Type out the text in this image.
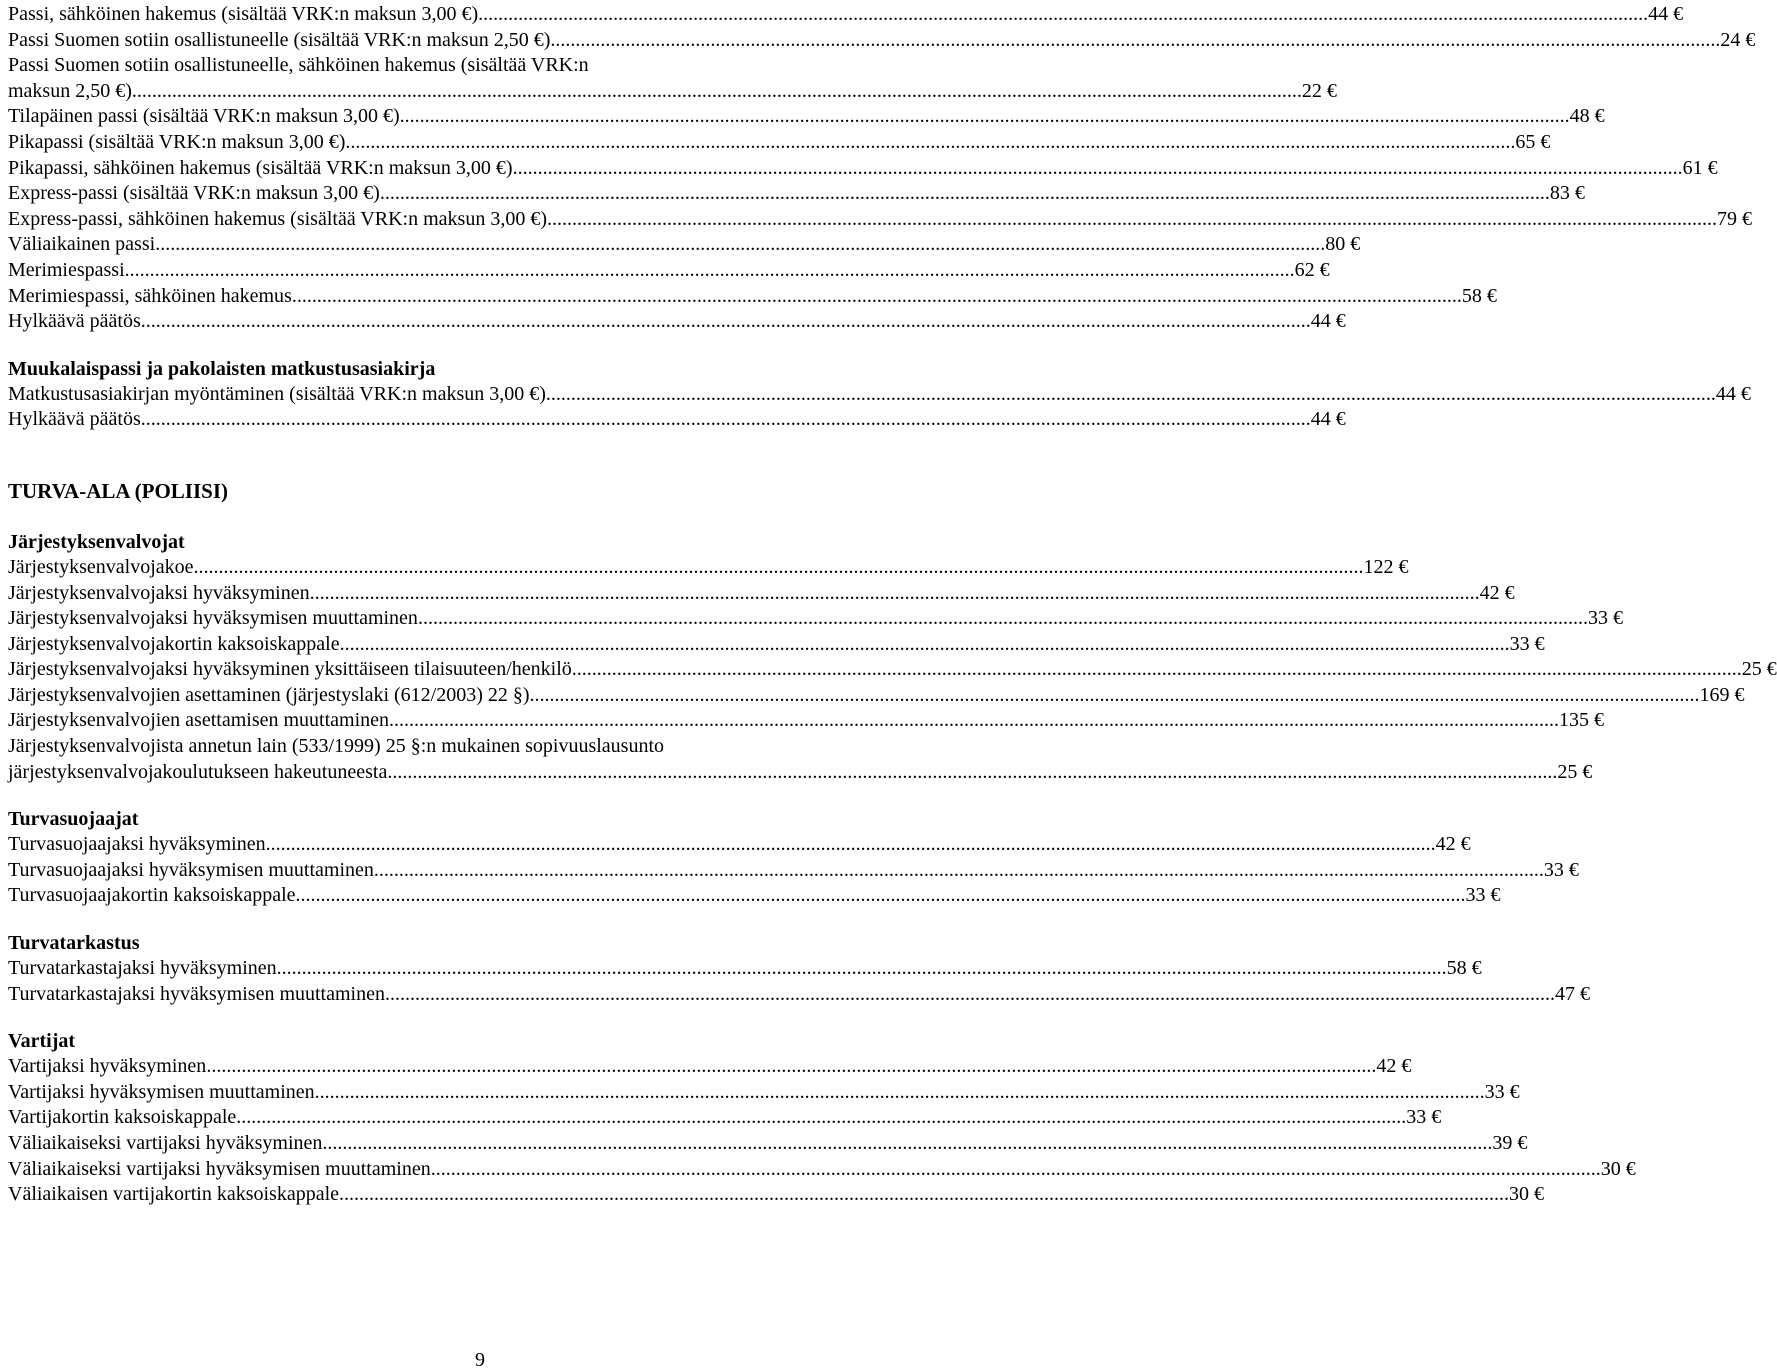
Passi, sähköinen hakemus (sisältää VRK:n maksun 3,00 €) .....	44 €
Passi Suomen sotiin osallistuneelle (sisältää VRK:n maksun 2,50 €) .....	24 €
Passi Suomen sotiin osallistuneelle, sähköinen hakemus (sisältää VRK:n
maksun 2,50 €) .....	22 €
Tilapäinen passi (sisältää VRK:n maksun 3,00 €) .....	48 €
Pikapassi (sisältää VRK:n maksun 3,00 €) .....	65 €
Pikapassi, sähköinen hakemus (sisältää VRK:n maksun 3,00 €) .....	61 €
Express-passi (sisältää VRK:n maksun 3,00 €) .....	83 €
Express-passi, sähköinen hakemus (sisältää VRK:n maksun 3,00 €) .....	79 €
Väliaikainen passi .....	80 €
Merimiespassi .....	62 €
Merimiespassi, sähköinen hakemus .....	58 €
Hylkäävä päätös .....	44 €
Muukalaispassi ja pakolaisten matkustusasiakirja
Matkustusasiakirjan myöntäminen (sisältää VRK:n maksun 3,00 €) .....	44 €
Hylkäävä päätös .....	44 €
TURVA-ALA (POLIISI)
Järjestyksenvalvojat
Järjestyksenvalvojakoe .....	122 €
Järjestyksenvalvojaksi hyväksyminen .....	42 €
Järjestyksenvalvojaksi hyväksymisen muuttaminen .....	33 €
Järjestyksenvalvojakortin kaksoiskappale .....	33 €
Järjestyksenvalvojaksi hyväksyminen yksittäiseen tilaisuuteen/henkilö .....	25 €
Järjestyksenvalvojien asettaminen (järjestyslaki (612/2003) 22 §) .....	169 €
Järjestyksenvalvojien asettamisen muuttaminen .....	135 €
Järjestyksenvalvojista annetun lain (533/1999) 25 §:n mukainen sopivuuslausunto
järjestyksenvalvojakoulutukseen hakeutuneesta .....	25 €
Turvasuojaajat
Turvasuojaajaksi hyväksyminen .....	42 €
Turvasuojaajaksi hyväksymisen muuttaminen .....	33 €
Turvasuojaajakortin kaksoiskappale .....	33 €
Turvatarkastus
Turvatarkastajaksi hyväksyminen .....	58 €
Turvatarkastajaksi hyväksymisen muuttaminen .....	47 €
Vartijat
Vartijaksi hyväksyminen .....	42 €
Vartijaksi hyväksymisen muuttaminen .....	33 €
Vartijakortin kaksoiskappale .....	33 €
Väliaikaiseksi vartijaksi hyväksyminen .....	39 €
Väliaikaiseksi vartijaksi hyväksymisen muuttaminen .....	30 €
Väliaikaisen vartijakortin kaksoiskappale .....	30 €
9
